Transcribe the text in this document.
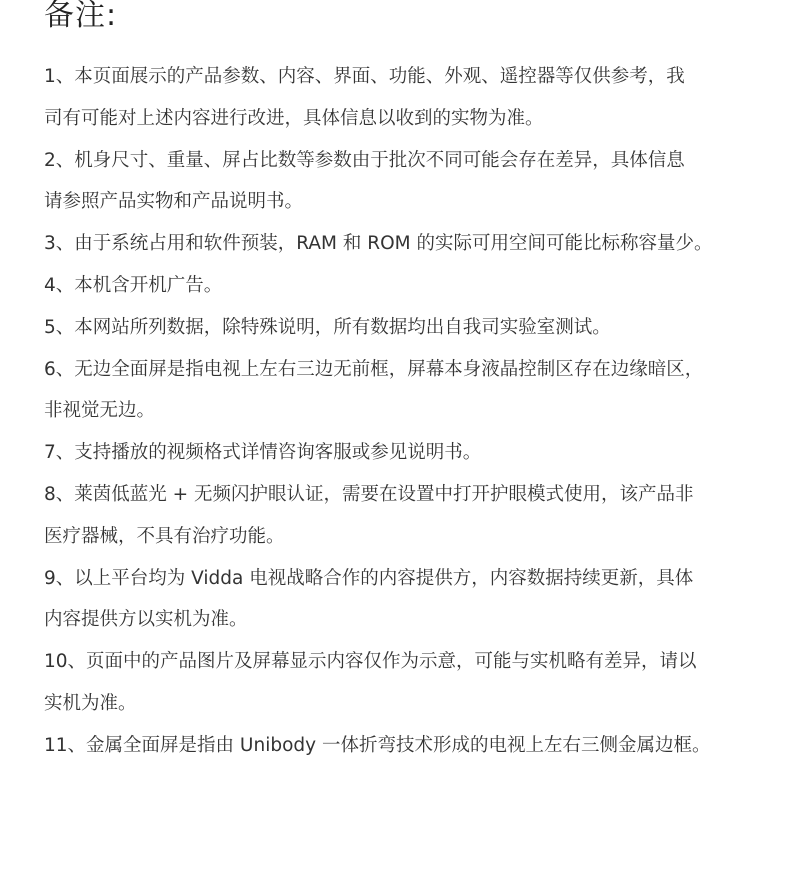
备注:
1、本页面展示的产品参数、内容、界面、功能、外观、遥控器等仅供参考，我
司有可能对上述内容进行改进，具体信息以收到的实物为准。
2、机身尺寸、重量、屏占比数等参数由于批次不同可能会存在差异，具体信息
请参照产品实物和产品说明书。
3、由于系统占用和软件预装，RAM 和 ROM 的实际可用空间可能比标称容量少。
4、本机含开机广告。
5、本网站所列数据，除特殊说明，所有数据均出自我司实验室测试。
6、无边全面屏是指电视上左右三边无前框，屏幕本身液晶控制区存在边缘暗区，
非视觉无边。
7、支持播放的视频格式详情咨询客服或参见说明书。
8、莱茵低蓝光 + 无频闪护眼认证，需要在设置中打开护眼模式使用，该产品非
医疗器械，不具有治疗功能。
9、以上平台均为 Vidda 电视战略合作的内容提供方，内容数据持续更新，具体
内容提供方以实机为准。
10、页面中的产品图片及屏幕显示内容仅作为示意，可能与实机略有差异，请以
实机为准。
11、金属全面屏是指由 Unibody 一体折弯技术形成的电视上左右三侧金属边框。
